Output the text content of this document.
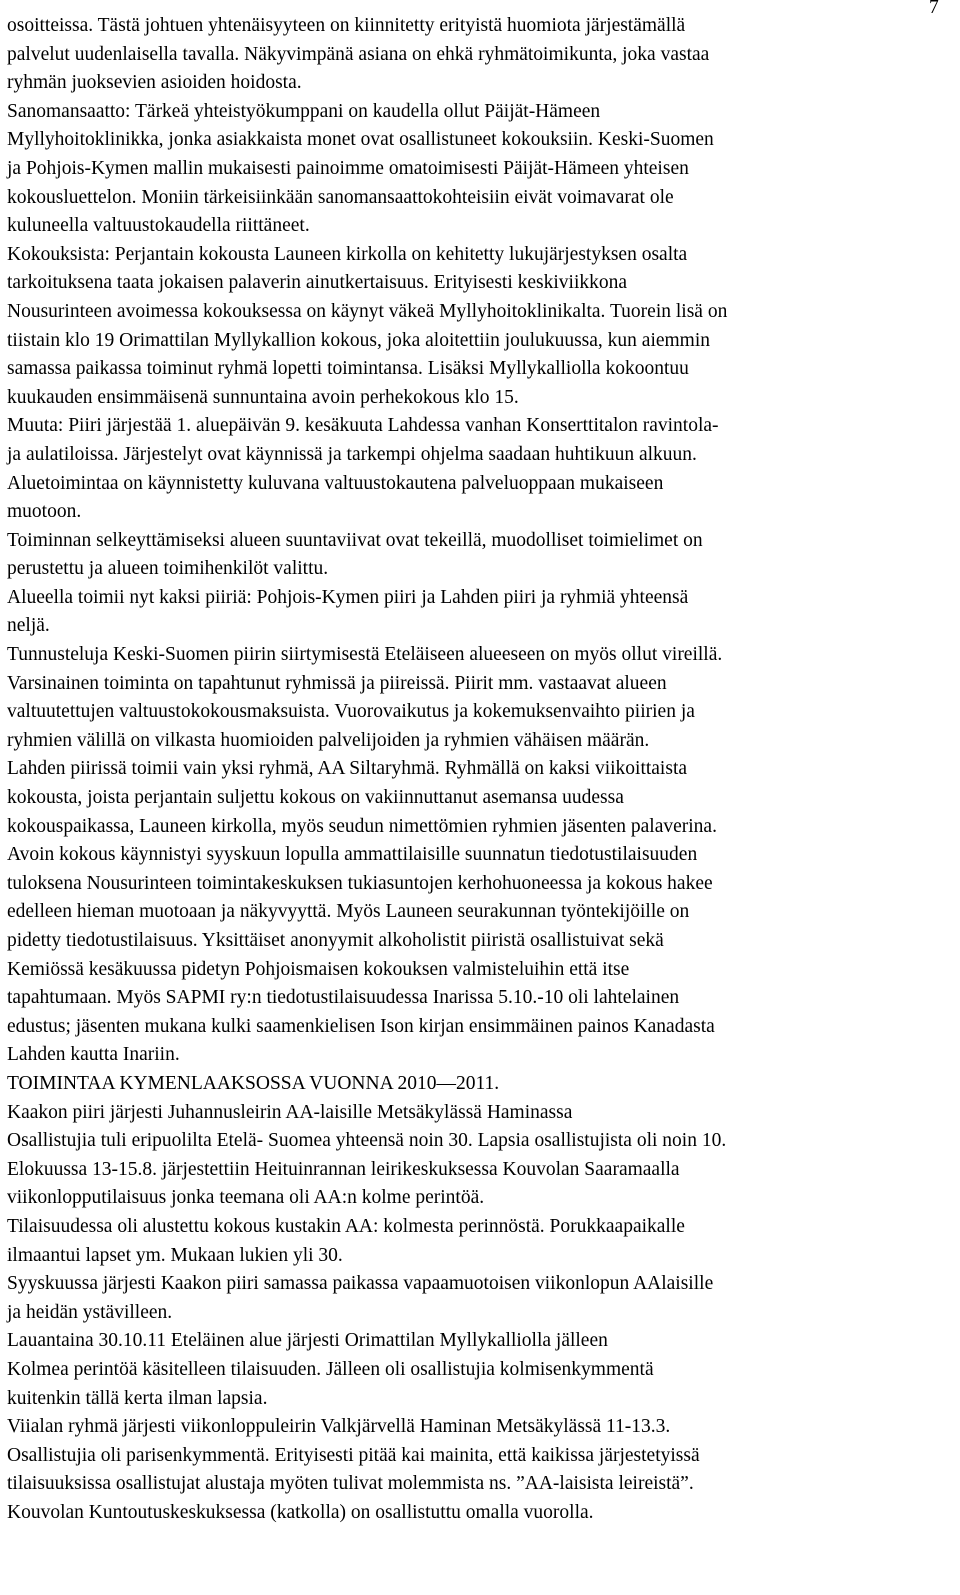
7
osoitteissa. Tästä johtuen yhtenäisyyteen on kiinnitetty erityistä huomiota järjestämällä
palvelut uudenlaisella tavalla. Näkyvimpänä asiana on ehkä ryhmätoimikunta, joka vastaa
ryhmän juoksevien asioiden hoidosta.
Sanomansaatto: Tärkeä yhteistyökumppani on kaudella ollut Päijät-Hämeen
Myllyhoitoklinikka, jonka asiakkaista monet ovat osallistuneet kokouksiin. Keski-Suomen
ja Pohjois-Kymen mallin mukaisesti painoimme omatoimisesti Päijät-Hämeen yhteisen
kokousluettelon. Moniin tärkeisiinkään sanomansaattokohteisiin eivät voimavarat ole
kuluneella valtuustokaudella riittäneet.
Kokouksista: Perjantain kokousta Launeen kirkolla on kehitetty lukujärjestyksen osalta
tarkoituksena taata jokaisen palaverin ainutkertaisuus. Erityisesti keskiviikkona
Nousurinteen avoimessa kokouksessa on käynyt väkeä Myllyhoitoklinikalta. Tuorein lisä on
tiistain klo 19 Orimattilan Myllykallion kokous, joka aloitettiin joulukuussa, kun aiemmin
samassa paikassa toiminut ryhmä lopetti toimintansa. Lisäksi Myllykalliolla kokoontuu
kuukauden ensimmäisenä sunnuntaina avoin perhekokous klo 15.
Muuta: Piiri järjestää 1. aluepäivän 9. kesäkuuta Lahdessa vanhan Konserttitalon ravintola-
ja aulatiloissa. Järjestelyt ovat käynnissä ja tarkempi ohjelma saadaan huhtikuun alkuun.
Aluetoimintaa on käynnistetty kuluvana valtuustokautena palveluoppaan mukaiseen
muotoon.
Toiminnan selkeyttämiseksi alueen suuntaviivat ovat tekeillä, muodolliset toimielimet on
perustettu ja alueen toimihenkilöt valittu.
Alueella toimii nyt kaksi piiriä: Pohjois-Kymen piiri ja Lahden piiri ja ryhmiä yhteensä
neljä.
Tunnusteluja Keski-Suomen piirin siirtymisestä Eteläiseen alueeseen on myös ollut vireillä.
Varsinainen toiminta on tapahtunut ryhmissä ja piireissä. Piirit mm. vastaavat alueen
valtuutettujen valtuustokokousmaksuista. Vuorovaikutus ja kokemuksenvaihto piirien ja
ryhmien välillä on vilkasta huomioiden palvelijoiden ja ryhmien vähäisen määrän.
Lahden piirissä toimii vain yksi ryhmä, AA Siltaryhmä. Ryhmällä on kaksi viikoittaista
kokousta, joista perjantain suljettu kokous on vakiinnuttanut asemansa uudessa
kokouspaikassa, Launeen kirkolla, myös seudun nimettömien ryhmien jäsenten palaverina.
Avoin kokous käynnistyi syyskuun lopulla ammattilaisille suunnatun tiedotustilaisuuden
tuloksena Nousurinteen toimintakeskuksen tukiasuntojen kerhohuoneessa ja kokous hakee
edelleen hieman muotoaan ja näkyvyyttä. Myös Launeen seurakunnan työntekijöille on
pidetty tiedotustilaisuus. Yksittäiset anonyymit alkoholistit piiristä osallistuivat sekä
Kemiössä kesäkuussa pidetyn Pohjoismaisen kokouksen valmisteluihin että itse
tapahtumaan. Myös SAPMI ry:n tiedotustilaisuudessa Inarissa 5.10.-10 oli lahtelainen
edustus; jäsenten mukana kulki saamenkielisen Ison kirjan ensimmäinen painos Kanadasta
Lahden kautta Inariin.
TOIMINTAA KYMENLAAKSOSSA VUONNA 2010—2011.
Kaakon piiri järjesti Juhannusleirin AA-laisille Metsäkylässä Haminassa
Osallistujia tuli eripuolilta Etelä- Suomea yhteensä noin 30. Lapsia osallistujista oli noin 10.
Elokuussa 13-15.8. järjestettiin Heituinrannan leirikeskuksessa Kouvolan Saaramaalla
viikonlopputilaisuus jonka teemana oli AA:n kolme perintöä.
Tilaisuudessa oli alustettu kokous kustakin AA: kolmesta perinnöstä. Porukkaapaikalle
ilmaantui lapset ym. Mukaan lukien yli 30.
Syyskuussa järjesti Kaakon piiri samassa paikassa vapaamuotoisen viikonlopun AAlaisille
ja heidän ystävilleen.
Lauantaina 30.10.11 Eteläinen alue järjesti Orimattilan Myllykalliolla jälleen
Kolmea perintöä käsitelleen tilaisuuden. Jälleen oli osallistujia kolmisenkymmentä
kuitenkin tällä kerta ilman lapsia.
Viialan ryhmä järjesti viikonloppuleirin Valkjärvellä Haminan Metsäkylässä 11-13.3.
Osallistujia oli parisenkymmentä. Erityisesti pitää kai mainita, että kaikissa järjestetyissä
tilaisuuksissa osallistujat alustaja myöten tulivat molemmista ns. ”AA-laisista leireistä”.
Kouvolan Kuntoutuskeskuksessa (katkolla) on osallistuttu omalla vuorolla.
